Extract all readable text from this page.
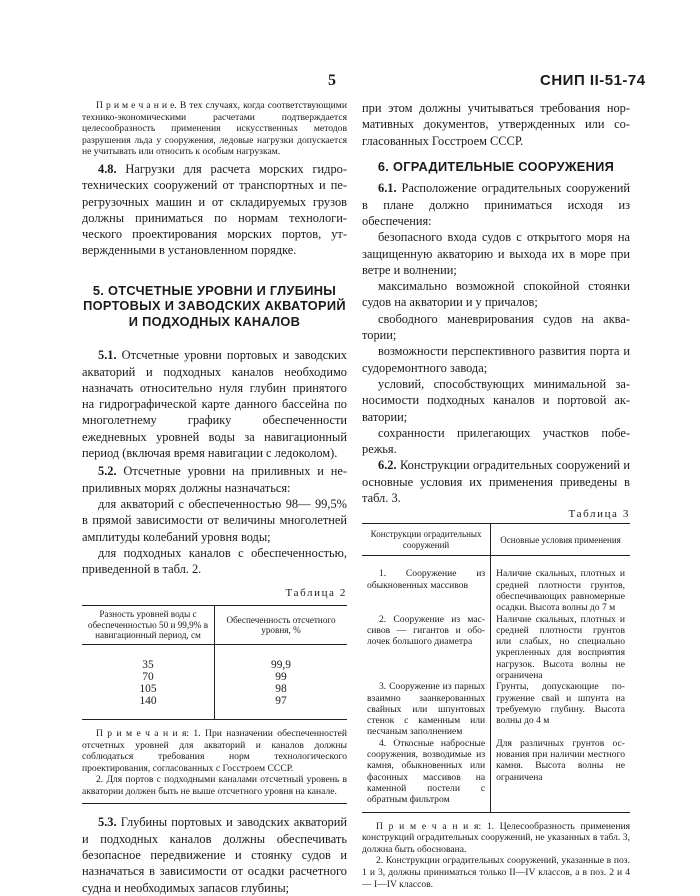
5	СНИП II-51-74

П р и м е ч а н и е. В тех случаях, когда соответствующими технико-экономическими расчетами подтверждается целесообразность применения искусственных методов разрушения льда у сооружения, ледовые нагрузки допускается не учитывать или относить к особым нагрузкам.

4.8. Нагрузки для расчета морских гидротехнических сооружений от транспортных и перегрузочных машин и от складируемых грузов должны приниматься по нормам технологического проектирования морских портов, утвержденными в установленном порядке.

5. ОТСЧЕТНЫЕ УРОВНИ И ГЛУБИНЫ ПОРТОВЫХ И ЗАВОДСКИХ АКВАТОРИЙ И ПОДХОДНЫХ КАНАЛОВ

5.1. Отсчетные уровни портовых и заводских акваторий и подходных каналов необходимо назначать относительно нуля глубин принятого на гидрографической карте данного бассейна по многолетнему графику обеспеченности ежедневных уровней воды за навигационный период (включая время навигации с ледоколом).

5.2. Отсчетные уровни на приливных и неприливных морях должны назначаться:

для акваторий с обеспеченностью 98— 99,5% в прямой зависимости от величины многолетней амплитуды колебаний уровня воды;

для подходных каналов с обеспеченностью, приведенной в табл. 2.

Таблица 2
Разность уровней воды с обеспеченностью 50 и 99,9% в навигационный период, см	Обеспеченность отсчетного уровня, %
35	99,9
70	99
105	98
140	97

П р и м е ч а н и я: 1. При назначении обеспеченностей отсчетных уровней для акваторий и каналов должны соблюдаться требования норм технологического проектирования, согласованных с Госстроем СССР.

2. Для портов с подходными каналами отсчетный уровень в акватории должен быть не выше отсчетного уровня на канале.

5.3. Глубины портовых и заводских акваторий и подходных каналов должны обеспечивать безопасное передвижение и стоянку судов и назначаться в зависимости от осадки расчетного судна и необходимых запасов глубины;

при этом должны учитываться требования нормативных документов, утвержденных или согласованных Госстроем СССР.

6. ОГРАДИТЕЛЬНЫЕ СООРУЖЕНИЯ

6.1. Расположение оградительных сооружений в плане должно приниматься исходя из обеспечения:

безопасного входа судов с открытого моря на защищенную акваторию и выхода их в море при ветре и волнении;

максимально возможной спокойной стоянки судов на акватории и у причалов;

свободного маневрирования судов на акватории;

возможности перспективного развития порта и судоремонтного завода;

условий, способствующих минимальной заносимости подходных каналов и портовой акватории;

сохранности прилегающих участков побережья.

6.2. Конструкции оградительных сооружений и основные условия их применения приведены в табл. 3.

Таблица 3
Конструкции оградительных сооружений	Основные условия применения
1. Сооружение из обыкновенных массивов	Наличие скальных, плотных и средней плотности грунтов, обеспечивающих равномерные осадки. Высота волны до 7 м
2. Сооружение из массивов — гигантов и оболочек большого диаметра	Наличие скальных, плотных и средней плотности грунтов или слабых, но специально укрепленных для восприятия нагрузок. Высота волны не ограничена
3. Сооружение из парных взаимно заанкерованных свайных или шпунтовых стенок с каменным или песчаным заполнением	Грунты, допускающие погружение свай и шпунта на требуемую глубину. Высота волны до 4 м
4. Откосные набросные сооружения, возводимые из камня, обыкновенных или фасонных массивов на каменной постели с обратным фильтром	Для различных грунтов основания при наличии местного камня. Высота волны не ограничена

П р и м е ч а н и я: 1. Целесообразность применения конструкций оградительных сооружений, не указанных в табл. 3, должна быть обоснована.

2. Конструкции оградительных сооружений, указанные в поз. 1 и 3, должны приниматься только II—IV классов, а в поз. 2 и 4 — I—IV классов.
